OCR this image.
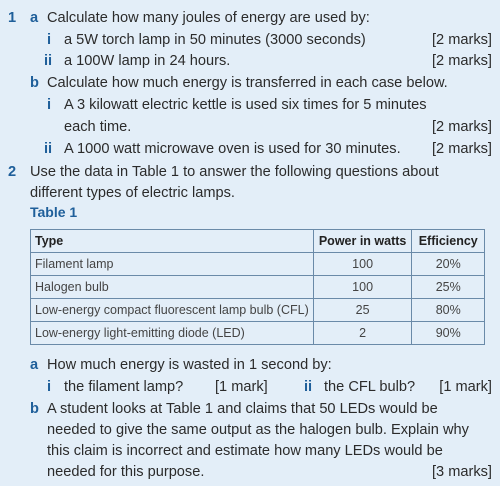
1 a Calculate how many joules of energy are used by:
i a 5W torch lamp in 50 minutes (3000 seconds)	[2 marks]
ii a 100W lamp in 24 hours.	[2 marks]
b Calculate how much energy is transferred in each case below.
i A 3 kilowatt electric kettle is used six times for 5 minutes
each time.	[2 marks]
ii A 1000 watt microwave oven is used for 30 minutes. [2 marks]
2 Use the data in Table 1 to answer the following questions about
different types of electric lamps.
Table 1
Type	Power in watts	Efficiency
Filament lamp	100	20%
Halogen bulb	100	25%
Low-energy compact fluorescent lamp bulb (CFL)	25	80%
Low-energy light-emitting diode (LED)	2	90%
a How much energy is wasted in 1 second by:
i the filament lamp? [1 mark] ii the CFL bulb? [1 mark]
b A student looks at Table 1 and claims that 50 LEDs would be
needed to give the same output as the halogen bulb. Explain why
this claim is incorrect and estimate how many LEDs would be
needed for this purpose.	[3 marks]
